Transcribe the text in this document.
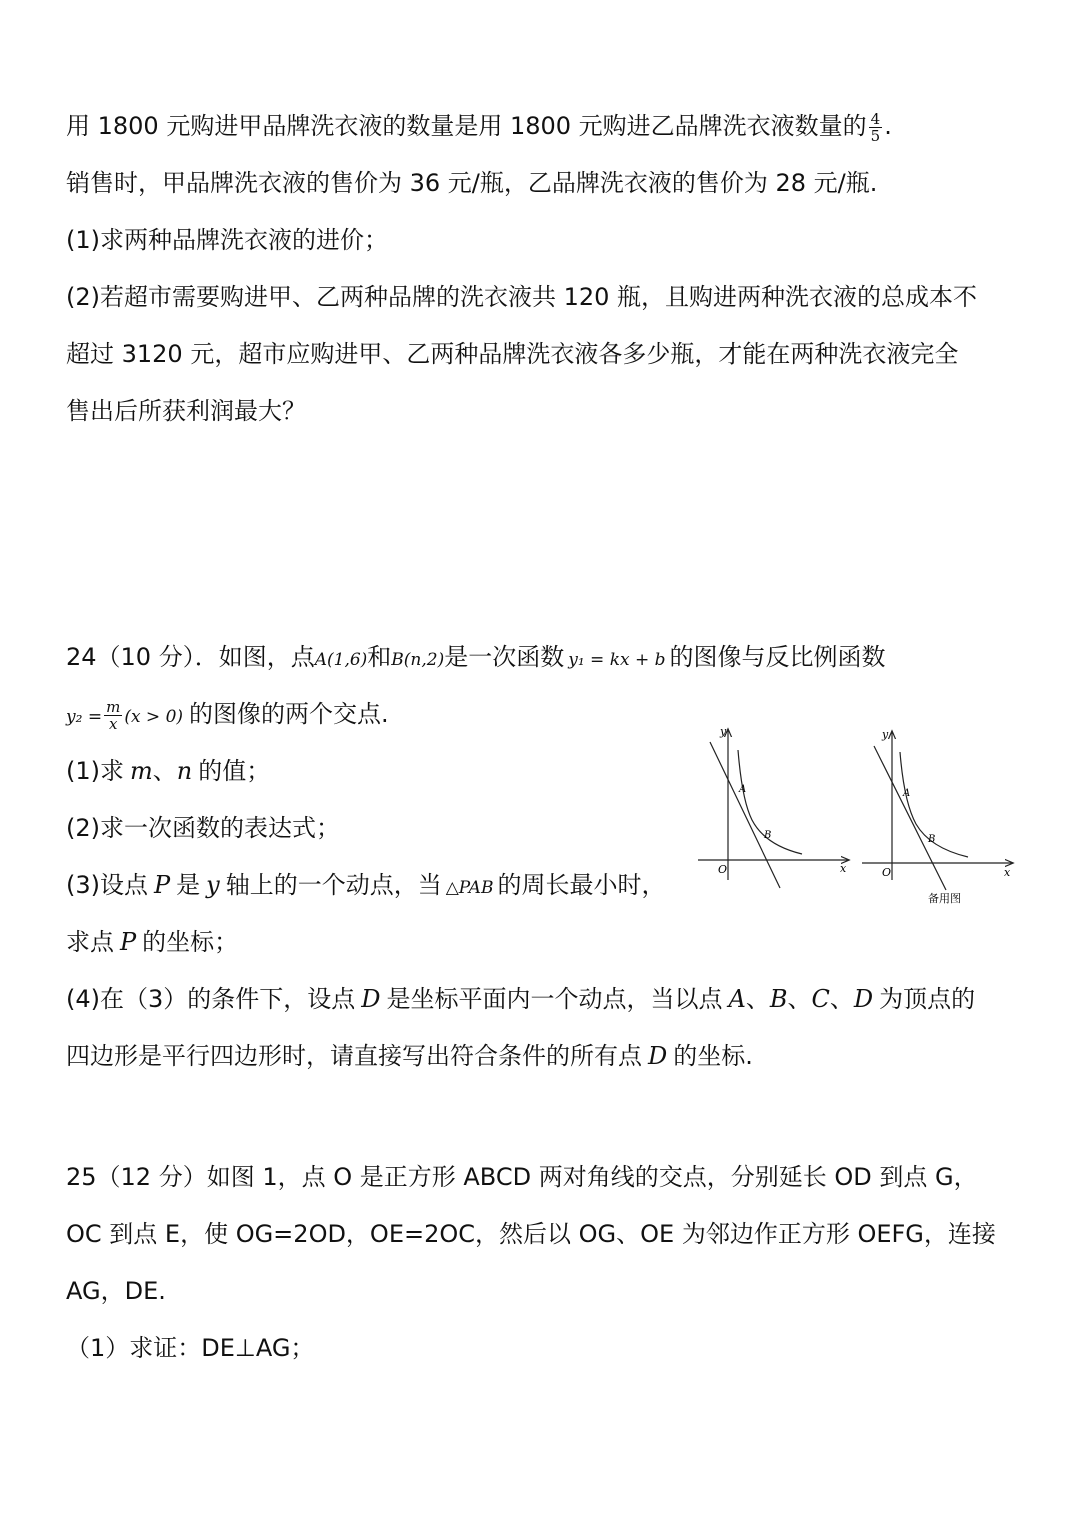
用 1800 元购进甲品牌洗衣液的数量是用 1800 元购进乙品牌洗衣液数量的 $\frac{4}{5}$ .
销售时，甲品牌洗衣液的售价为 36 元/瓶，乙品牌洗衣液的售价为 28 元/瓶.
(1)求两种品牌洗衣液的进价；
(2)若超市需要购进甲、乙两种品牌的洗衣液共 120 瓶，且购进两种洗衣液的总成本不
超过 3120 元，超市应购进甲、乙两种品牌洗衣液各多少瓶，才能在两种洗衣液完全
售出后所获利润最大？
24（10 分）．如图，点A(1,6)和B(n,2)是一次函数 y₁ = kx + b 的图像与反比例函数
$y_2 = \frac{m}{x} (x > 0)$ 的图像的两个交点.
(1)求 m、n 的值；
(2)求一次函数的表达式；
(3)设点 P 是 y 轴上的一个动点，当 △PAB 的周长最小时，
求点 P 的坐标；
(4)在（3）的条件下，设点 D 是坐标平面内一个动点，当以点 A、B、C、D 为顶点的
四边形是平行四边形时，请直接写出符合条件的所有点 D 的坐标.
y
x
O
A
B
y
x
O
A
B
备用图
25（12 分）如图 1，点 O 是正方形 ABCD 两对角线的交点，分别延长 OD 到点 G，
OC 到点 E，使 OG=2OD，OE=2OC，然后以 OG、OE 为邻边作正方形 OEFG，连接
AG，DE.
（1）求证：DE⊥AG；
